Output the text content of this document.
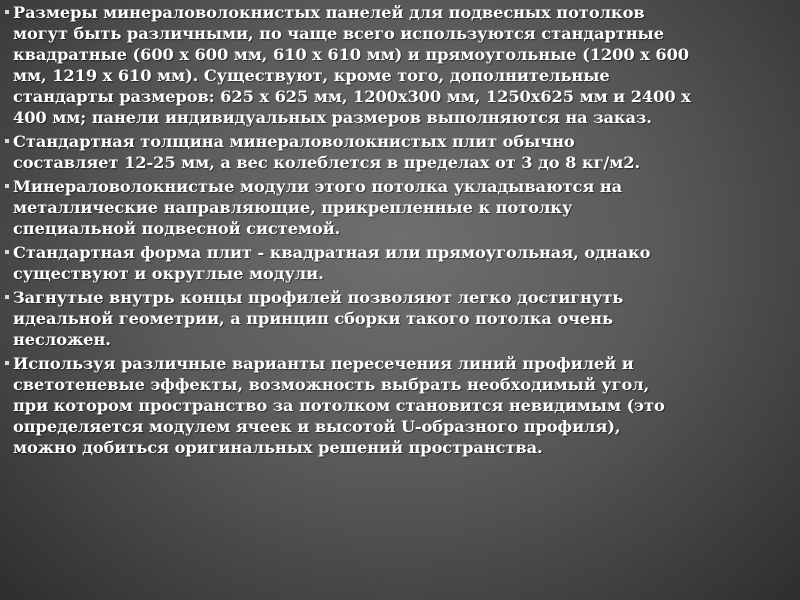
Размеры минераловолокнистых панелей для подвесных потолков
могут быть различными, по чаще всего используются стандартные
квадратные (600 х 600 мм, 610 х 610 мм) и прямоугольные (1200 х 600
мм, 1219 х 610 мм). Существуют, кроме того, дополнительные
стандарты размеров: 625 х 625 мм, 1200х300 мм, 1250х625 мм и 2400 х
400 мм; панели индивидуальных размеров выполняются на заказ.
Стандартная толщина минераловолокнистых плит обычно
составляет 12-25 мм, а вес колеблется в пределах от 3 до 8 кг/м2.
Минераловолокнистые модули этого потолка укладываются на
металлические направляющие, прикрепленные к потолку
специальной подвесной системой.
Стандартная форма плит - квадратная или прямоугольная, однако
существуют и округлые модули.
Загнутые внутрь концы профилей позволяют легко достигнуть
идеальной геометрии, а принцип сборки такого потолка очень
несложен.
Используя различные варианты пересечения линий профилей и
светотеневые эффекты, возможность выбрать необходимый угол,
при котором пространство за потолком становится невидимым (это
определяется модулем ячеек и высотой U-образного профиля),
можно добиться оригинальных решений пространства.
